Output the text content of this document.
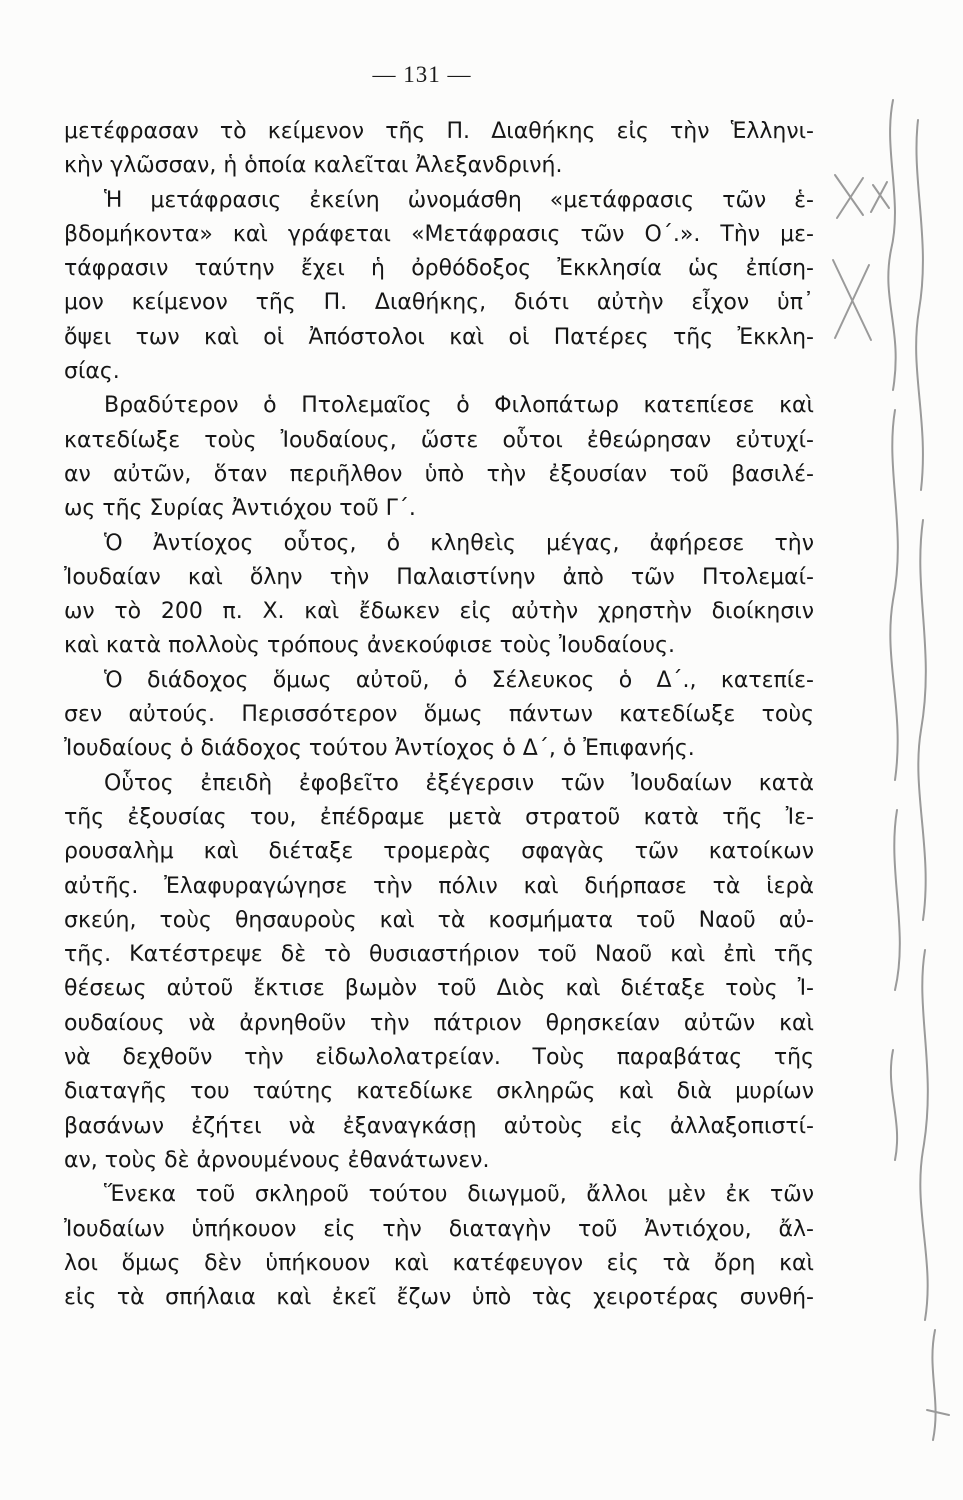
— 131 —
μετέφρασαν τὸ κείμενον τῆς Π. Διαθήκης εἰς τὴν Ἑλληνι-
κὴν γλῶσσαν, ἡ ὁποία καλεῖται Ἀλεξανδρινή.
Ἡ μετάφρασις ἐκείνη ὠνομάσθη «μετάφρασις τῶν ἑ-
βδομήκοντα» καὶ γράφεται «Μετάφρασις τῶν Ο΄.». Τὴν με-
τάφρασιν ταύτην ἔχει ἡ ὀρθόδοξος Ἐκκλησία ὡς ἐπίση-
μον κείμενον τῆς Π. Διαθήκης, διότι αὐτὴν εἶχον ὑπ᾽
ὄψει των καὶ οἱ Ἀπόστολοι καὶ οἱ Πατέρες τῆς Ἐκκλη-
σίας.
Βραδύτερον ὁ Πτολεμαῖος ὁ Φιλοπάτωρ κατεπίεσε καὶ
κατεδίωξε τοὺς Ἰουδαίους, ὥστε οὗτοι ἐθεώρησαν εὐτυχί-
αν αὐτῶν, ὅταν περιῆλθον ὑπὸ τὴν ἐξουσίαν τοῦ βασιλέ-
ως τῆς Συρίας Ἀντιόχου τοῦ Γ΄.
Ὁ Ἀντίοχος οὗτος, ὁ κληθεὶς μέγας, ἀφήρεσε τὴν
Ἰουδαίαν καὶ ὅλην τὴν Παλαιστίνην ἀπὸ τῶν Πτολεμαί-
ων τὸ 200 π. Χ. καὶ ἔδωκεν εἰς αὐτὴν χρηστὴν διοίκησιν
καὶ κατὰ πολλοὺς τρόπους ἀνεκούφισε τοὺς Ἰουδαίους.
Ὁ διάδοχος ὅμως αὐτοῦ, ὁ Σέλευκος ὁ Δ΄., κατεπίε-
σεν αὐτούς. Περισσότερον ὅμως πάντων κατεδίωξε τοὺς
Ἰουδαίους ὁ διάδοχος τούτου Ἀντίοχος ὁ Δ΄, ὁ Ἐπιφανής.
Οὗτος ἐπειδὴ ἐφοβεῖτο ἐξέγερσιν τῶν Ἰουδαίων κατὰ
τῆς ἐξουσίας του, ἐπέδραμε μετὰ στρατοῦ κατὰ τῆς Ἰε-
ρουσαλὴμ καὶ διέταξε τρομερὰς σφαγὰς τῶν κατοίκων
αὐτῆς. Ἐλαφυραγώγησε τὴν πόλιν καὶ διήρπασε τὰ ἱερὰ
σκεύη, τοὺς θησαυροὺς καὶ τὰ κοσμήματα τοῦ Ναοῦ αὐ-
τῆς. Κατέστρεψε δὲ τὸ θυσιαστήριον τοῦ Ναοῦ καὶ ἐπὶ τῆς
θέσεως αὐτοῦ ἔκτισε βωμὸν τοῦ Διὸς καὶ διέταξε τοὺς Ἰ-
ουδαίους νὰ ἀρνηθοῦν τὴν πάτριον θρησκείαν αὐτῶν καὶ
νὰ δεχθοῦν τὴν εἰδωλολατρείαν. Τοὺς παραβάτας τῆς
διαταγῆς του ταύτης κατεδίωκε σκληρῶς καὶ διὰ μυρίων
βασάνων ἐζήτει νὰ ἐξαναγκάσῃ αὐτοὺς εἰς ἀλλαξοπιστί-
αν, τοὺς δὲ ἀρνουμένους ἐθανάτωνεν.
Ἕνεκα τοῦ σκληροῦ τούτου διωγμοῦ, ἄλλοι μὲν ἐκ τῶν
Ἰουδαίων ὑπήκουον εἰς τὴν διαταγὴν τοῦ Ἀντιόχου, ἄλ-
λοι ὅμως δὲν ὑπήκουον καὶ κατέφευγον εἰς τὰ ὄρη καὶ
εἰς τὰ σπήλαια καὶ ἐκεῖ ἔζων ὑπὸ τὰς χειροτέρας συνθή-
